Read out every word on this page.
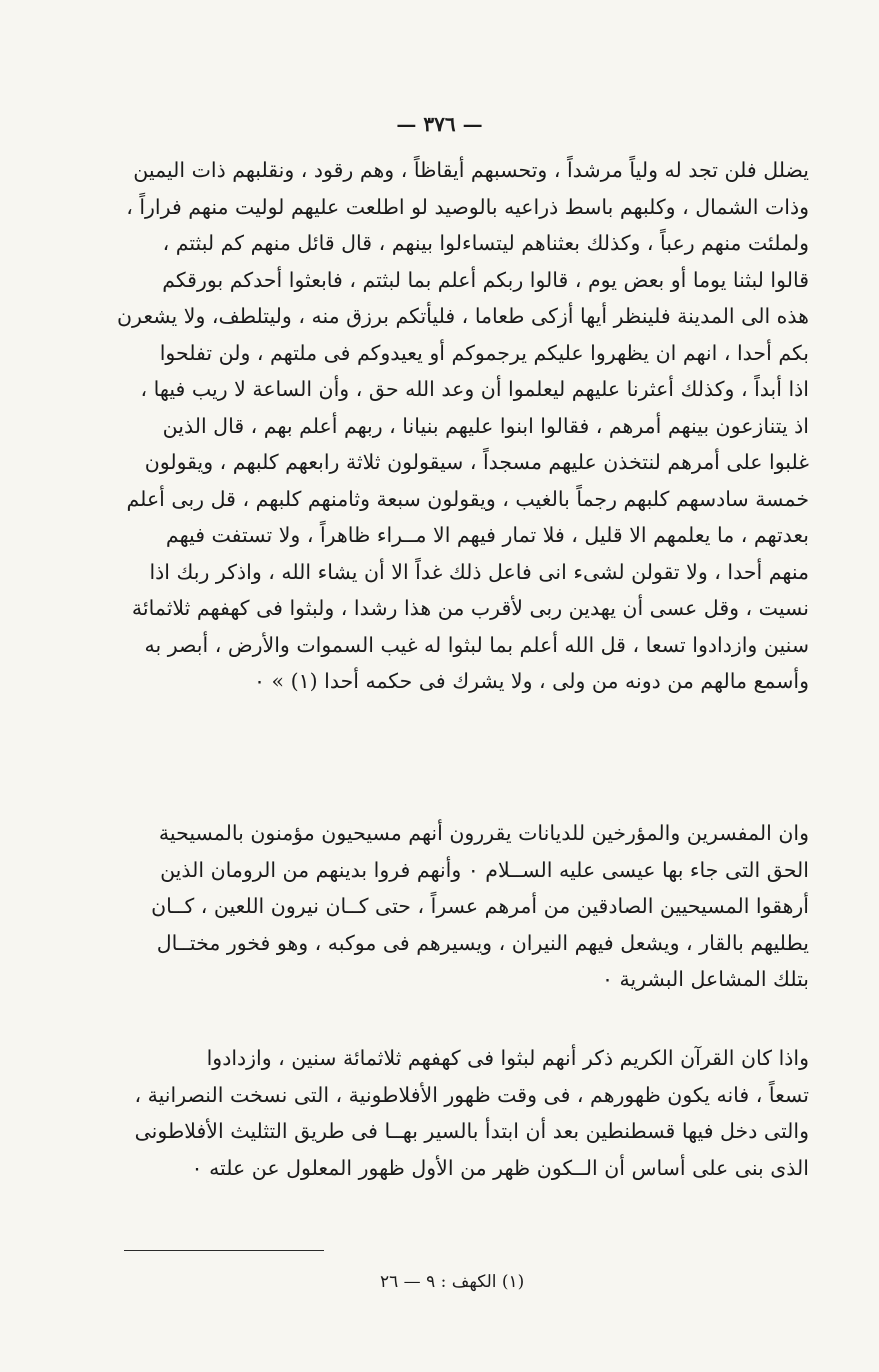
— ٣٧٦ —

يضلل فلن تجد له ولياً مرشداً ، وتحسبهم أيقاظاً ، وهم رقود ، ونقلبهم ذات اليمين
وذات الشمال ، وكلبهم باسط ذراعيه بالوصيد لو اطلعت عليهم لوليت منهم فراراً ،
ولملئت منهم رعباً ، وكذلك بعثناهم ليتساءلوا بينهم ، قال قائل منهم كم لبثتم ،
قالوا لبثنا يوما أو بعض يوم ، قالوا ربكم أعلم بما لبثتم ، فابعثوا أحدكم بورقكم
هذه الى المدينة فلينظر أيها أزكى طعاما ، فليأتكم برزق منه ، وليتلطف، ولا يشعرن
بكم أحدا ، انهم ان يظهروا عليكم يرجموكم أو يعيدوكم فى ملتهم ، ولن تفلحوا
اذا أبداً ، وكذلك أعثرنا عليهم ليعلموا أن وعد الله حق ، وأن الساعة لا ريب فيها ،
اذ يتنازعون بينهم أمرهم ، فقالوا ابنوا عليهم بنيانا ، ربهم أعلم بهم ، قال الذين
غلبوا على أمرهم لنتخذن عليهم مسجداً ، سيقولون ثلاثة رابعهم كلبهم ، ويقولون
خمسة سادسهم كلبهم رجماً بالغيب ، ويقولون سبعة وثامنهم كلبهم ، قل ربى أعلم
بعدتهم ، ما يعلمهم الا قليل ، فلا تمار فيهم الا مــراء ظاهراً ، ولا تستفت فيهم
منهم أحدا ، ولا تقولن لشىء انى فاعل ذلك غداً الا أن يشاء الله ، واذكر ربك اذا
نسيت ، وقل عسى أن يهدين ربى لأقرب من هذا رشدا ، ولبثوا فى كهفهم ثلاثمائة
سنين وازدادوا تسعا ، قل الله أعلم بما لبثوا له غيب السموات والأرض ، أبصر به
وأسمع مالهم من دونه من ولى ، ولا يشرك فى حكمه أحدا (١) » ٠

وان المفسرين والمؤرخين للديانات يقررون أنهم مسيحيون مؤمنون بالمسيحية
الحق التى جاء بها عيسى عليه الســلام ٠ وأنهم فروا بدينهم من الرومان الذين
أرهقوا المسيحيين الصادقين من أمرهم عسراً ، حتى كــان نيرون اللعين ، كــان
يطليهم بالقار ، ويشعل فيهم النيران ، ويسيرهم فى موكبه ، وهو فخور مختــال
بتلك المشاعل البشرية ٠

واذا كان القرآن الكريم ذكر أنهم لبثوا فى كهفهم ثلاثمائة سنين ، وازدادوا
تسعاً ، فانه يكون ظهورهم ، فى وقت ظهور الأفلاطونية ، التى نسخت النصرانية ،
والتى دخل فيها قسطنطين بعد أن ابتدأ بالسير بهــا فى طريق التثليث الأفلاطونى
الذى بنى على أساس أن الــكون ظهر من الأول ظهور المعلول عن علته ٠

(١) الكهف : ٩ — ٢٦
